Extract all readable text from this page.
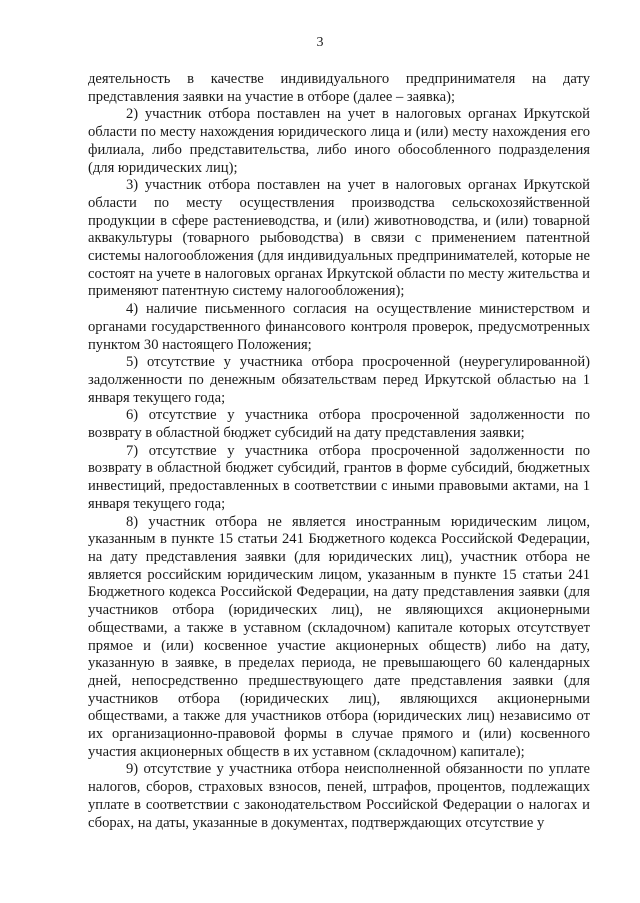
3

деятельность в качестве индивидуального предпринимателя на дату представления заявки на участие в отборе (далее – заявка);

2) участник отбора поставлен на учет в налоговых органах Иркутской области по месту нахождения юридического лица и (или) месту нахождения его филиала, либо представительства, либо иного обособленного подразделения (для юридических лиц);

3) участник отбора поставлен на учет в налоговых органах Иркутской области по месту осуществления производства сельскохозяйственной продукции в сфере растениеводства, и (или) животноводства, и (или) товарной аквакультуры (товарного рыбоводства) в связи с применением патентной системы налогообложения (для индивидуальных предпринимателей, которые не состоят на учете в налоговых органах Иркутской области по месту жительства и применяют патентную систему налогообложения);

4) наличие письменного согласия на осуществление министерством и органами государственного финансового контроля проверок, предусмотренных пунктом 30 настоящего Положения;

5) отсутствие у участника отбора просроченной (неурегулированной) задолженности по денежным обязательствам перед Иркутской областью на 1 января текущего года;

6) отсутствие у участника отбора просроченной задолженности по возврату в областной бюджет субсидий на дату представления заявки;

7) отсутствие у участника отбора просроченной задолженности по возврату в областной бюджет субсидий, грантов в форме субсидий, бюджетных инвестиций, предоставленных в соответствии с иными правовыми актами, на 1 января текущего года;

8) участник отбора не является иностранным юридическим лицом, указанным в пункте 15 статьи 241 Бюджетного кодекса Российской Федерации, на дату представления заявки (для юридических лиц), участник отбора не является российским юридическим лицом, указанным в пункте 15 статьи 241 Бюджетного кодекса Российской Федерации, на дату представления заявки (для участников отбора (юридических лиц), не являющихся акционерными обществами, а также в уставном (складочном) капитале которых отсутствует прямое и (или) косвенное участие акционерных обществ) либо на дату, указанную в заявке, в пределах периода, не превышающего 60 календарных дней, непосредственно предшествующего дате представления заявки (для участников отбора (юридических лиц), являющихся акционерными обществами, а также для участников отбора (юридических лиц) независимо от их организационно-правовой формы в случае прямого и (или) косвенного участия акционерных обществ в их уставном (складочном) капитале);

9) отсутствие у участника отбора неисполненной обязанности по уплате налогов, сборов, страховых взносов, пеней, штрафов, процентов, подлежащих уплате в соответствии с законодательством Российской Федерации о налогах и сборах, на даты, указанные в документах, подтверждающих отсутствие у
